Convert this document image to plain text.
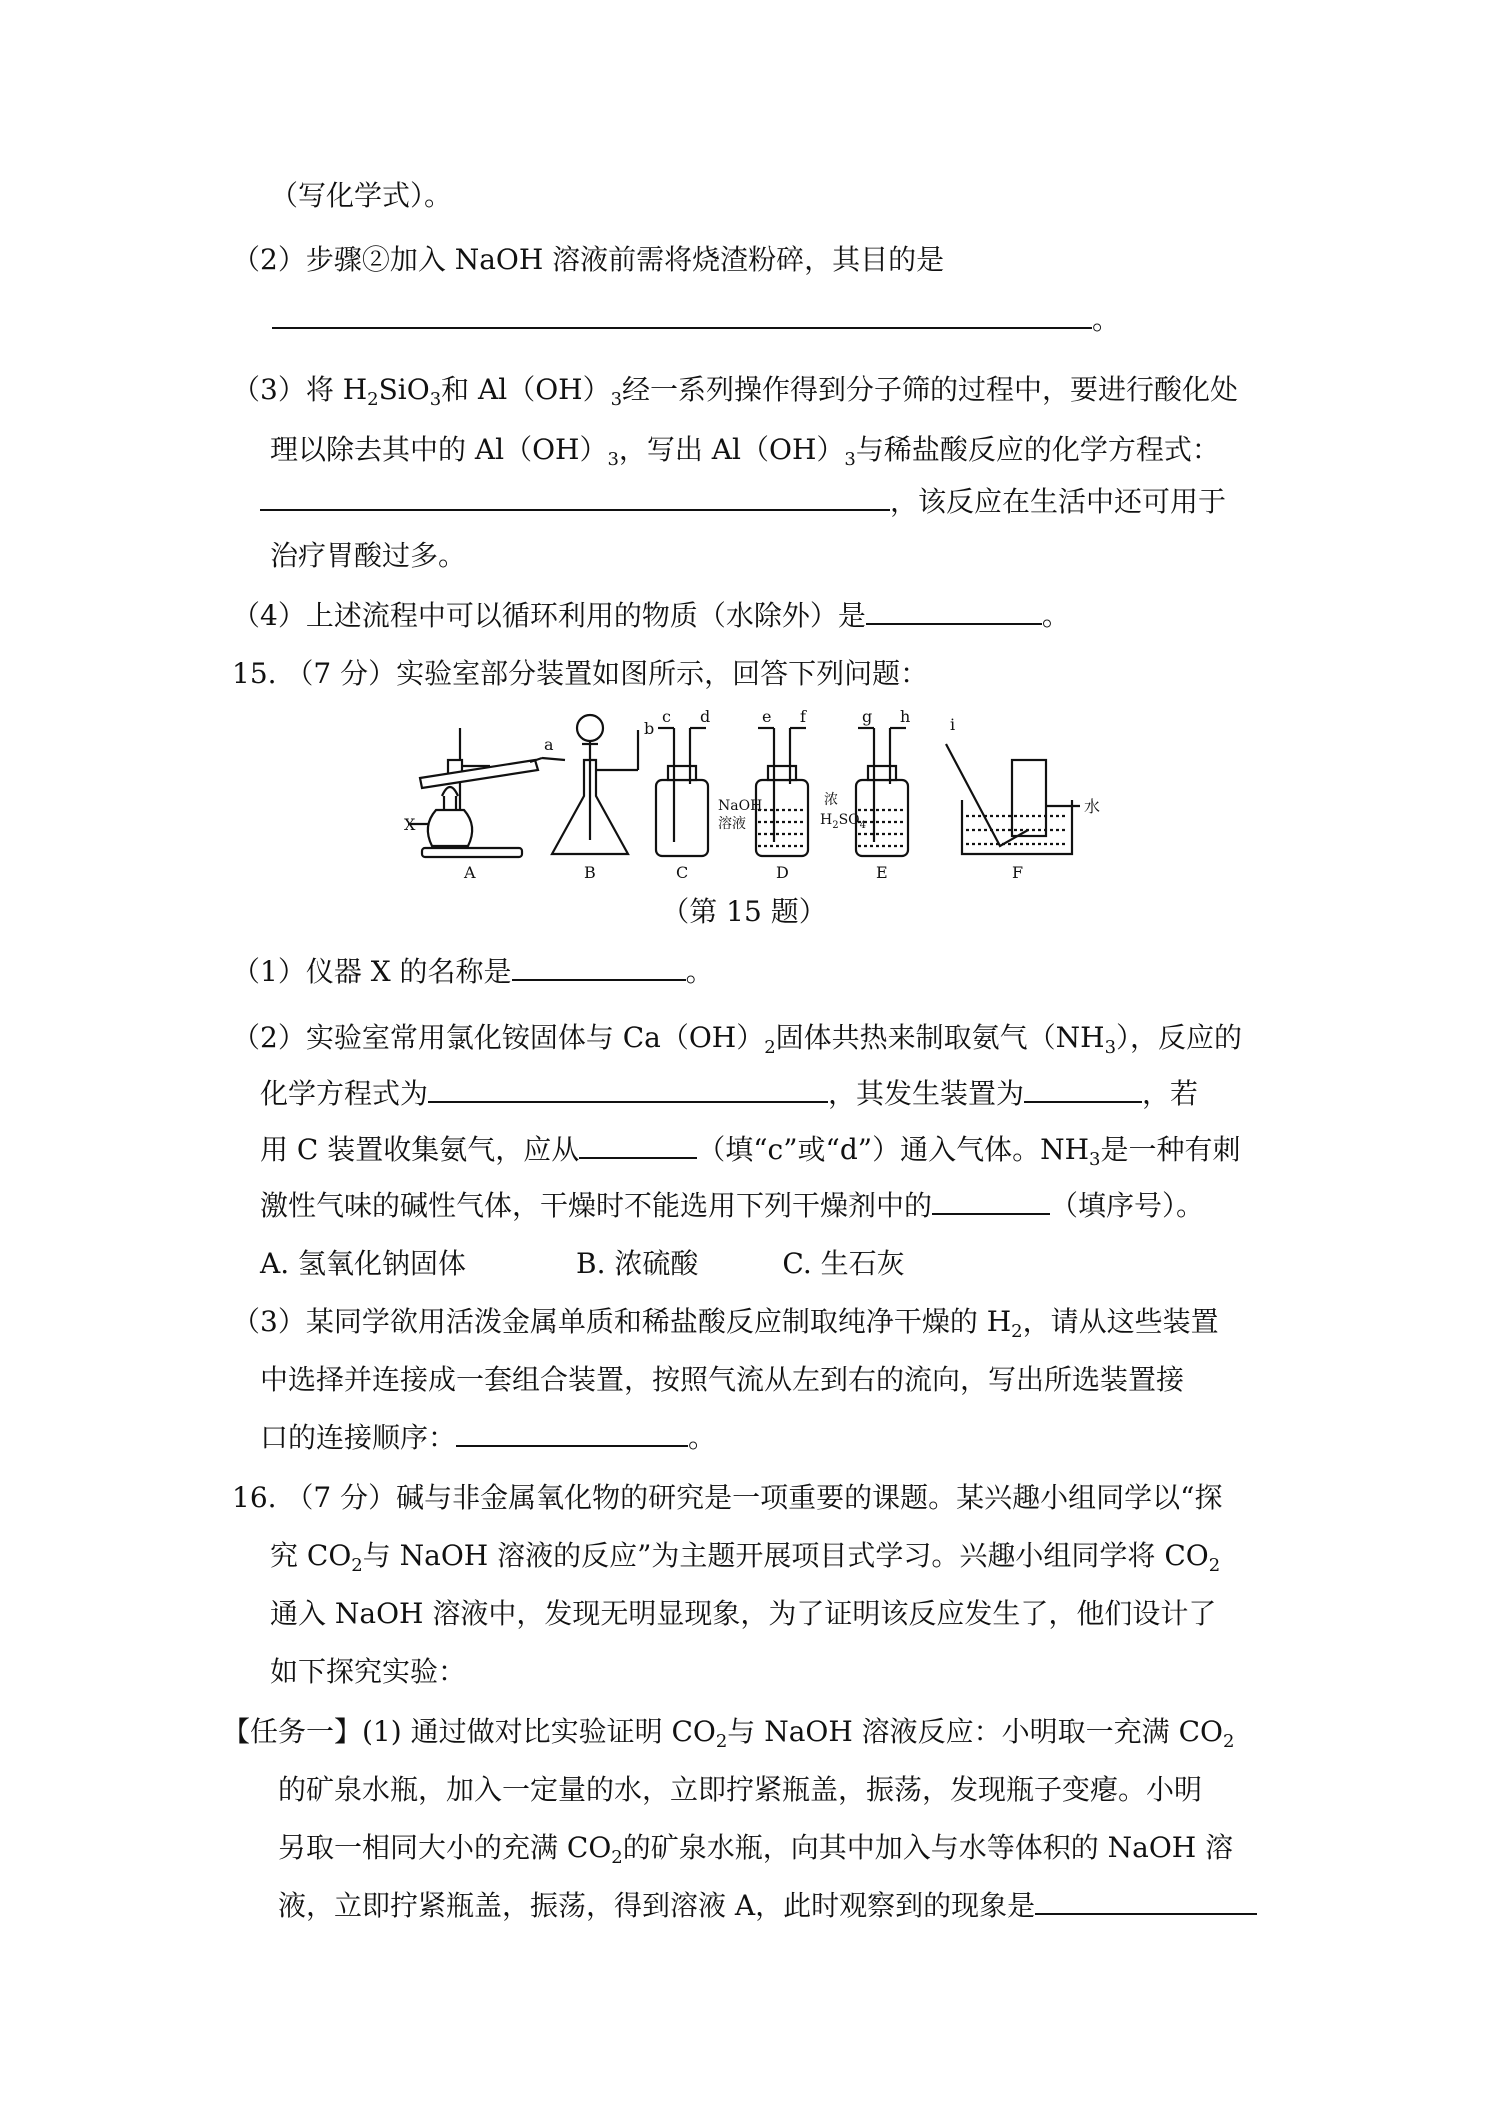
（写化学式）。
（2）步骤②加入 NaOH 溶液前需将烧渣粉碎，其目的是
。
（3）将 $H_2SiO_3$和 $Al(OH)_3$经一系列操作得到分子筛的过程中，要进行酸化处
理以除去其中的 $Al(OH)_3$，写出 $Al(OH)_3$与稀盐酸反应的化学方程式：
，该反应在生活中还可用于
治疗胃酸过多。
（4）上述流程中可以循环利用的物质（水除外）是	。
15. （7 分）实验室部分装置如图所示，回答下列问题：
X
a
b
c d	e f	g h i
NaOH
溶液
浓
$H_2SO_4$
水
A	B	C	D	E	F
（第 15 题）
（1）仪器 X 的名称是	。
（2）实验室常用氯化铵固体与 $Ca(OH)_2$固体共热来制取氨气$(NH_3)$，反应的
化学方程式为	，其发生装置为	，若
用 C 装置收集氨气，应从	（填“c”或“d”）通入气体。$NH_3$是一种有刺
激性气味的碱性气体，干燥时不能选用下列干燥剂中的	（填序号）。
A. 氢氧化钠固体	B. 浓硫酸	C. 生石灰
（3）某同学欲用活泼金属单质和稀盐酸反应制取纯净干燥的 $H_2$，请从这些装置
中选择并连接成一套组合装置，按照气流从左到右的流向，写出所选装置接
口的连接顺序：	。
16. （7 分）碱与非金属氧化物的研究是一项重要的课题。某兴趣小组同学以“探
究 $CO_2$与 NaOH 溶液的反应”为主题开展项目式学习。兴趣小组同学将 $CO_2$
通入 NaOH 溶液中，发现无明显现象，为了证明该反应发生了，他们设计了
如下探究实验：
【任务一】(1) 通过做对比实验证明 $CO_2$与 NaOH 溶液反应：小明取一充满 $CO_2$
的矿泉水瓶，加入一定量的水，立即拧紧瓶盖，振荡，发现瓶子变瘪。小明
另取一相同大小的充满 $CO_2$的矿泉水瓶，向其中加入与水等体积的 NaOH 溶
液，立即拧紧瓶盖，振荡，得到溶液 A，此时观察到的现象是
